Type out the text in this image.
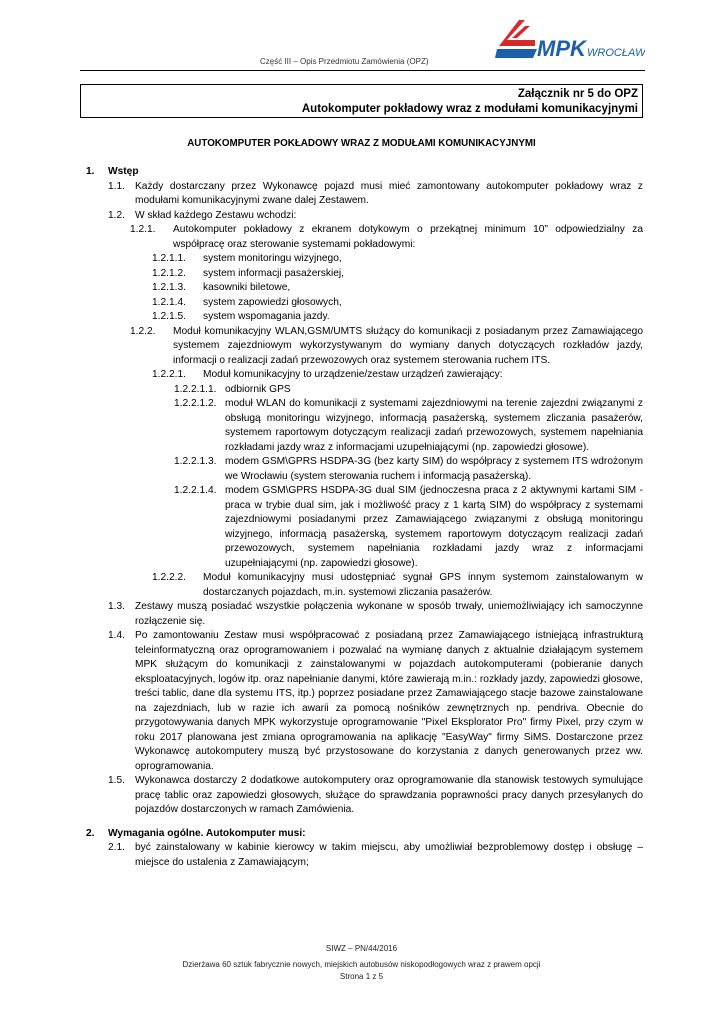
MPK WROCŁAW
Część III – Opis Przedmiotu Zamówienia (OPZ)
Załącznik nr 5 do OPZ
Autokomputer pokładowy wraz z modułami komunikacyjnymi
AUTOKOMPUTER POKŁADOWY WRAZ Z MODUŁAMI KOMUNIKACYJNYMI
1.	Wstęp
1.1. Każdy dostarczany przez Wykonawcę pojazd musi mieć zamontowany autokomputer pokładowy wraz z modułami komunikacyjnymi zwane dalej Zestawem.
1.2. W skład każdego Zestawu wchodzi:
1.2.1.	Autokomputer pokładowy z ekranem dotykowym o przekątnej minimum 10” odpowiedzialny za współpracę oraz sterowanie systemami pokładowymi:
1.2.1.1.	system monitoringu wizyjnego,
1.2.1.2.	system informacji pasażerskiej,
1.2.1.3.	kasowniki biletowe,
1.2.1.4.	system zapowiedzi głosowych,
1.2.1.5.	system wspomagania jazdy.
1.2.2.	Moduł komunikacyjny WLAN,GSM/UMTS służący do komunikacji z posiadanym przez Zamawiającego systemem zajezdniowym wykorzystywanym do wymiany danych dotyczących rozkładów jazdy, informacji o realizacji zadań przewozowych oraz systemem sterowania ruchem ITS.
1.2.2.1.	Moduł komunikacyjny to urządzenie/zestaw urządzeń zawierający:
1.2.2.1.1. odbiornik GPS
1.2.2.1.2. moduł WLAN do komunikacji z systemami zajezdniowymi na terenie zajezdni związanymi z obsługą monitoringu wizyjnego, informacją pasażerską, systemem zliczania pasażerów, systemem raportowym dotyczącym realizacji zadań przewozowych, systemem napełniania rozkładami jazdy wraz z informacjami uzupełniającymi (np. zapowiedzi głosowe).
1.2.2.1.3. modem GSM\GPRS HSDPA-3G (bez karty SIM) do współpracy z systemem ITS wdrożonym we Wrocławiu (system sterowania ruchem i informacją pasażerską).
1.2.2.1.4. modem GSM\GPRS HSDPA-3G dual SIM (jednoczesna praca z 2 aktywnymi kartami SIM - praca w trybie dual sim, jak i możliwość pracy z 1 kartą SIM) do współpracy z systemami zajezdniowymi posiadanymi przez Zamawiającego związanymi z obsługą monitoringu wizyjnego, informacją pasażerską, systemem raportowym dotyczącym realizacji zadań przewozowych, systemem napełniania rozkładami jazdy wraz z informacjami uzupełniającymi (np. zapowiedzi głosowe).
1.2.2.2.	Moduł komunikacyjny musi udostępniać sygnał GPS innym systemom zainstalowanym w dostarczanych pojazdach, m.in. systemowi zliczania pasażerów.
1.3. Zestawy muszą posiadać wszystkie połączenia wykonane w sposób trwały, uniemożliwiający ich samoczynne rozłączenie się.
1.4. Po zamontowaniu Zestaw musi współpracować z posiadaną przez Zamawiającego istniejącą infrastrukturą teleinformatyczną oraz oprogramowaniem i pozwalać na wymianę danych z aktualnie działającym systemem MPK służącym do komunikacji z zainstalowanymi w pojazdach autokomputerami (pobieranie danych eksploatacyjnych, logów itp. oraz napełnianie danymi, które zawierają m.in.: rozkłady jazdy, zapowiedzi głosowe, treści tablic, dane dla systemu ITS, itp.) poprzez posiadane przez Zamawiającego stacje bazowe zainstalowane na zajezdniach, lub w razie ich awarii za pomocą nośników zewnętrznych np. pendriva. Obecnie do przygotowywania danych MPK wykorzystuje oprogramowanie "Pixel Eksplorator Pro" firmy Pixel, przy czym w roku 2017 planowana jest zmiana oprogramowania na aplikację "EasyWay" firmy SiMS. Dostarczone przez Wykonawcę autokomputery muszą być przystosowane do korzystania z danych generowanych przez ww. oprogramowania.
1.5. Wykonawca dostarczy 2 dodatkowe autokomputery oraz oprogramowanie dla stanowisk testowych symulujące pracę tablic oraz zapowiedzi głosowych, służące do sprawdzania poprawności pracy danych przesyłanych do pojazdów dostarczonych w ramach Zamówienia.
2.	Wymagania ogólne. Autokomputer musi:
2.1. być zainstalowany w kabinie kierowcy w takim miejscu, aby umożliwiał bezproblemowy dostęp i obsługę – miejsce do ustalenia z Zamawiającym;
SIWZ – PN/44/2016
Dzierżawa 60 sztuk fabrycznie nowych, miejskich autobusów niskopodłogowych wraz z prawem opcji
Strona 1 z 5
